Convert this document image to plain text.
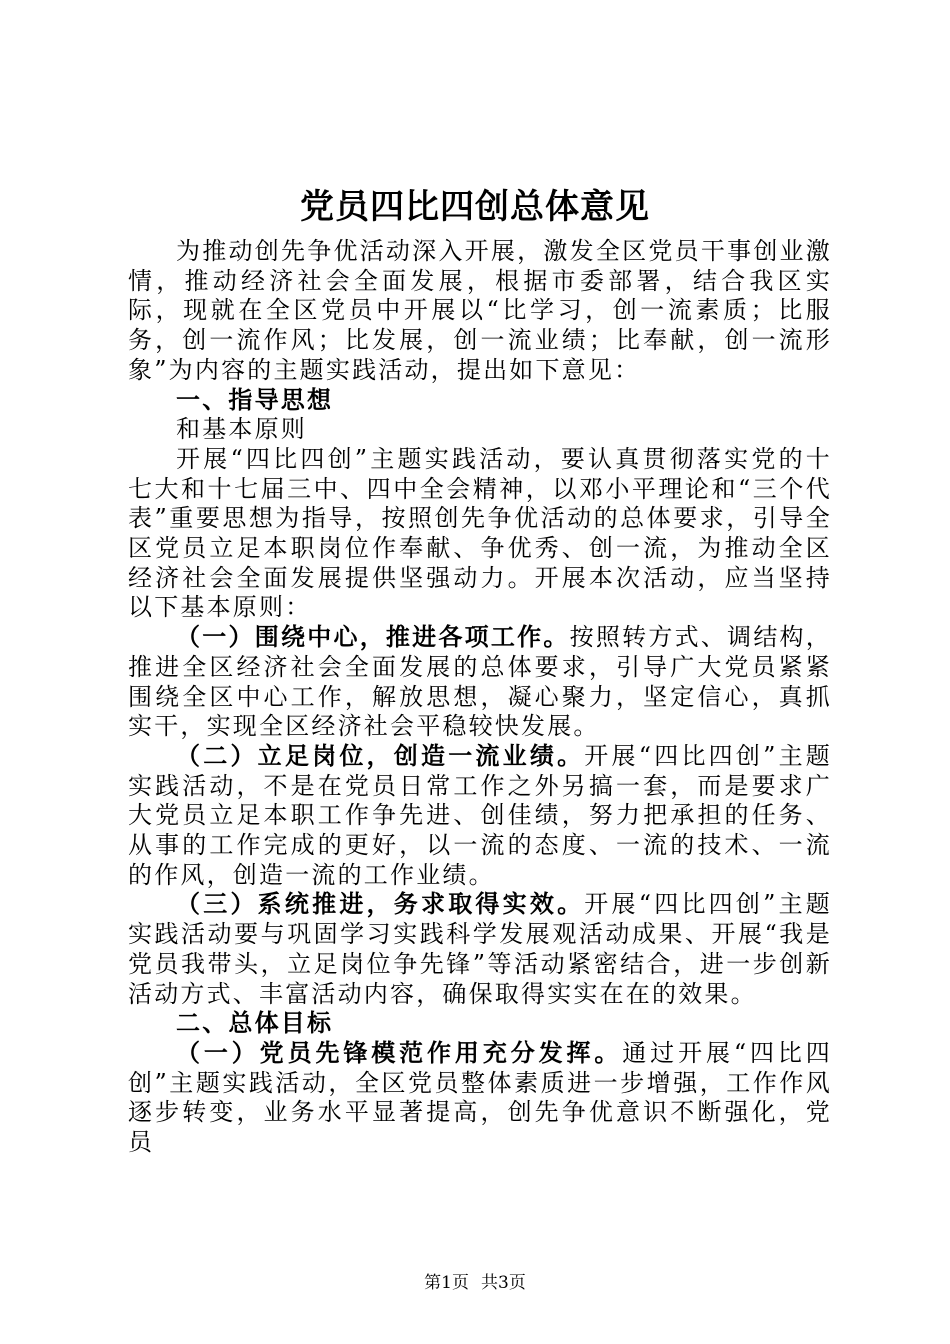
党员四比四创总体意见

为推动创先争优活动深入开展，激发全区党员干事创业激情，推动经济社会全面发展，根据市委部署，结合我区实际，现就在全区党员中开展以“比学习，创一流素质；比服务，创一流作风；比发展，创一流业绩；比奉献，创一流形象”为内容的主题实践活动，提出如下意见：

一、指导思想

和基本原则

开展“四比四创”主题实践活动，要认真贯彻落实党的十七大和十七届三中、四中全会精神，以邓小平理论和“三个代表”重要思想为指导，按照创先争优活动的总体要求，引导全区党员立足本职岗位作奉献、争优秀、创一流，为推动全区经济社会全面发展提供坚强动力。开展本次活动，应当坚持以下基本原则：

（一）围绕中心，推进各项工作。按照转方式、调结构，推进全区经济社会全面发展的总体要求，引导广大党员紧紧围绕全区中心工作，解放思想，凝心聚力，坚定信心，真抓实干，实现全区经济社会平稳较快发展。

（二）立足岗位，创造一流业绩。开展“四比四创”主题实践活动，不是在党员日常工作之外另搞一套，而是要求广大党员立足本职工作争先进、创佳绩，努力把承担的任务、从事的工作完成的更好，以一流的态度、一流的技术、一流的作风，创造一流的工作业绩。

（三）系统推进，务求取得实效。开展“四比四创”主题实践活动要与巩固学习实践科学发展观活动成果、开展“我是党员我带头，立足岗位争先锋”等活动紧密结合，进一步创新活动方式、丰富活动内容，确保取得实实在在的效果。

二、总体目标

（一）党员先锋模范作用充分发挥。通过开展“四比四创”主题实践活动，全区党员整体素质进一步增强，工作作风逐步转变，业务水平显著提高，创先争优意识不断强化，党员

第1页 共3页
